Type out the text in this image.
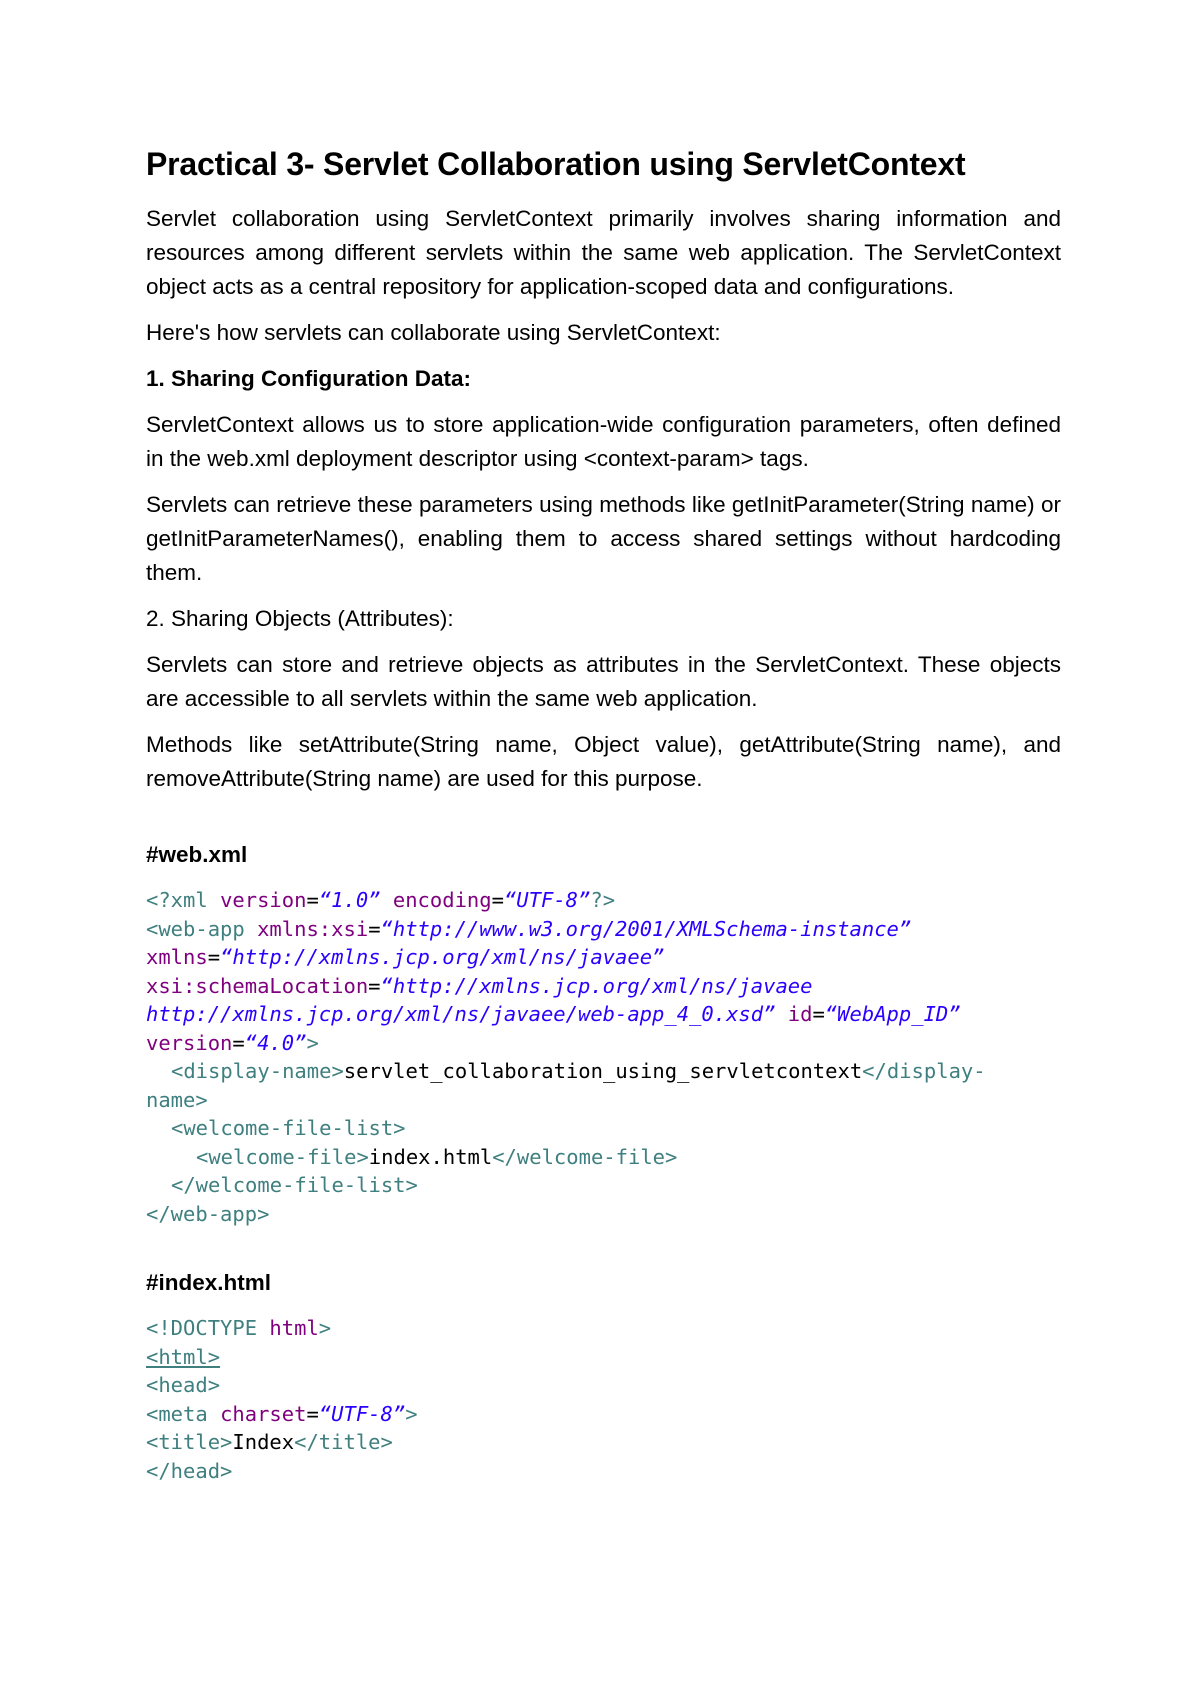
Practical 3- Servlet Collaboration using ServletContext

Servlet collaboration using ServletContext primarily involves sharing information and resources among different servlets within the same web application. The ServletContext object acts as a central repository for application-scoped data and configurations.

Here's how servlets can collaborate using ServletContext:

1. Sharing Configuration Data:

ServletContext allows us to store application-wide configuration parameters, often defined in the web.xml deployment descriptor using <context-param> tags.

Servlets can retrieve these parameters using methods like getInitParameter(String name) or getInitParameterNames(), enabling them to access shared settings without hardcoding them.

2. Sharing Objects (Attributes):

Servlets can store and retrieve objects as attributes in the ServletContext. These objects are accessible to all servlets within the same web application.

Methods like setAttribute(String name, Object value), getAttribute(String name), and removeAttribute(String name) are used for this purpose.

#web.xml

<?xml version=“1.0” encoding=“UTF-8”?>
<web-app xmlns:xsi=“http://www.w3.org/2001/XMLSchema-instance”
xmlns=“http://xmlns.jcp.org/xml/ns/javaee”
xsi:schemaLocation=“http://xmlns.jcp.org/xml/ns/javaee
http://xmlns.jcp.org/xml/ns/javaee/web-app_4_0.xsd” id=“WebApp_ID”
version=“4.0”>
<display-name>servlet_collaboration_using_servletcontext</display-
name>
<welcome-file-list>
<welcome-file>index.html</welcome-file>
</welcome-file-list>
</web-app>

#index.html

<!DOCTYPE html>
<html>
<head>
<meta charset=“UTF-8”>
<title>Index</title>
</head>
